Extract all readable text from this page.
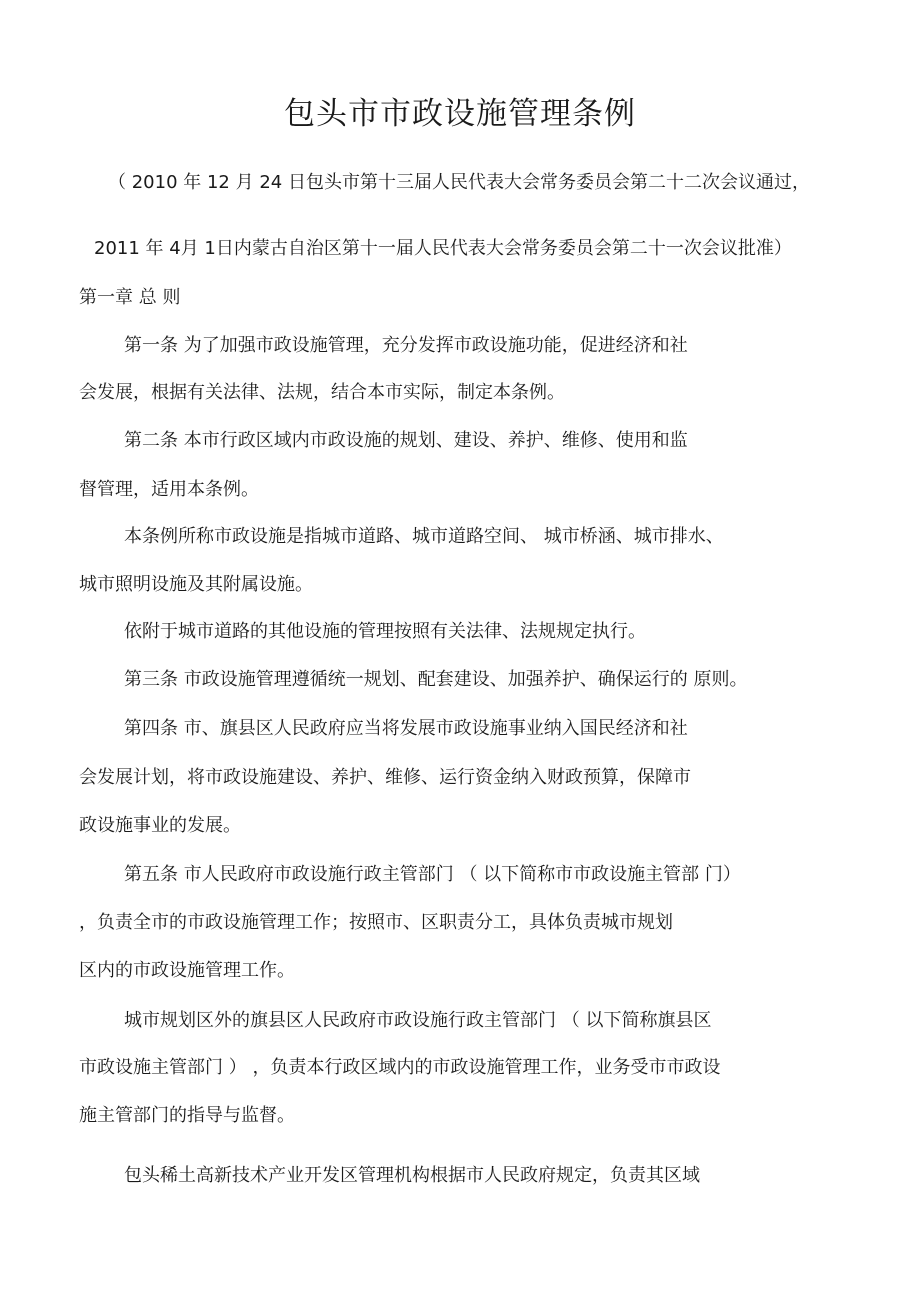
包头市市政设施管理条例
（ 2010 年 12 月 24 日包头市第十三届人民代表大会常务委员会第二十二次会议通过，
2011 年 4月 1日内蒙古自治区第十一届人民代表大会常务委员会第二十一次会议批准）
第一章 总 则
第一条 为了加强市政设施管理，充分发挥市政设施功能，促进经济和社
会发展，根据有关法律、法规，结合本市实际，制定本条例。
第二条 本市行政区域内市政设施的规划、建设、养护、维修、使用和监
督管理，适用本条例。
本条例所称市政设施是指城市道路、城市道路空间、 城市桥涵、城市排水、
城市照明设施及其附属设施。
依附于城市道路的其他设施的管理按照有关法律、法规规定执行。
第三条 市政设施管理遵循统一规划、配套建设、加强养护、确保运行的 原则。
第四条 市、旗县区人民政府应当将发展市政设施事业纳入国民经济和社
会发展计划，将市政设施建设、养护、维修、运行资金纳入财政预算，保障市
政设施事业的发展。
第五条 市人民政府市政设施行政主管部门 （ 以下简称市市政设施主管部 门）
，负责全市的市政设施管理工作；按照市、区职责分工，具体负责城市规划
区内的市政设施管理工作。
城市规划区外的旗县区人民政府市政设施行政主管部门 （ 以下简称旗县区
市政设施主管部门 ） ，负责本行政区域内的市政设施管理工作，业务受市市政设
施主管部门的指导与监督。
包头稀土高新技术产业开发区管理机构根据市人民政府规定，负责其区域
